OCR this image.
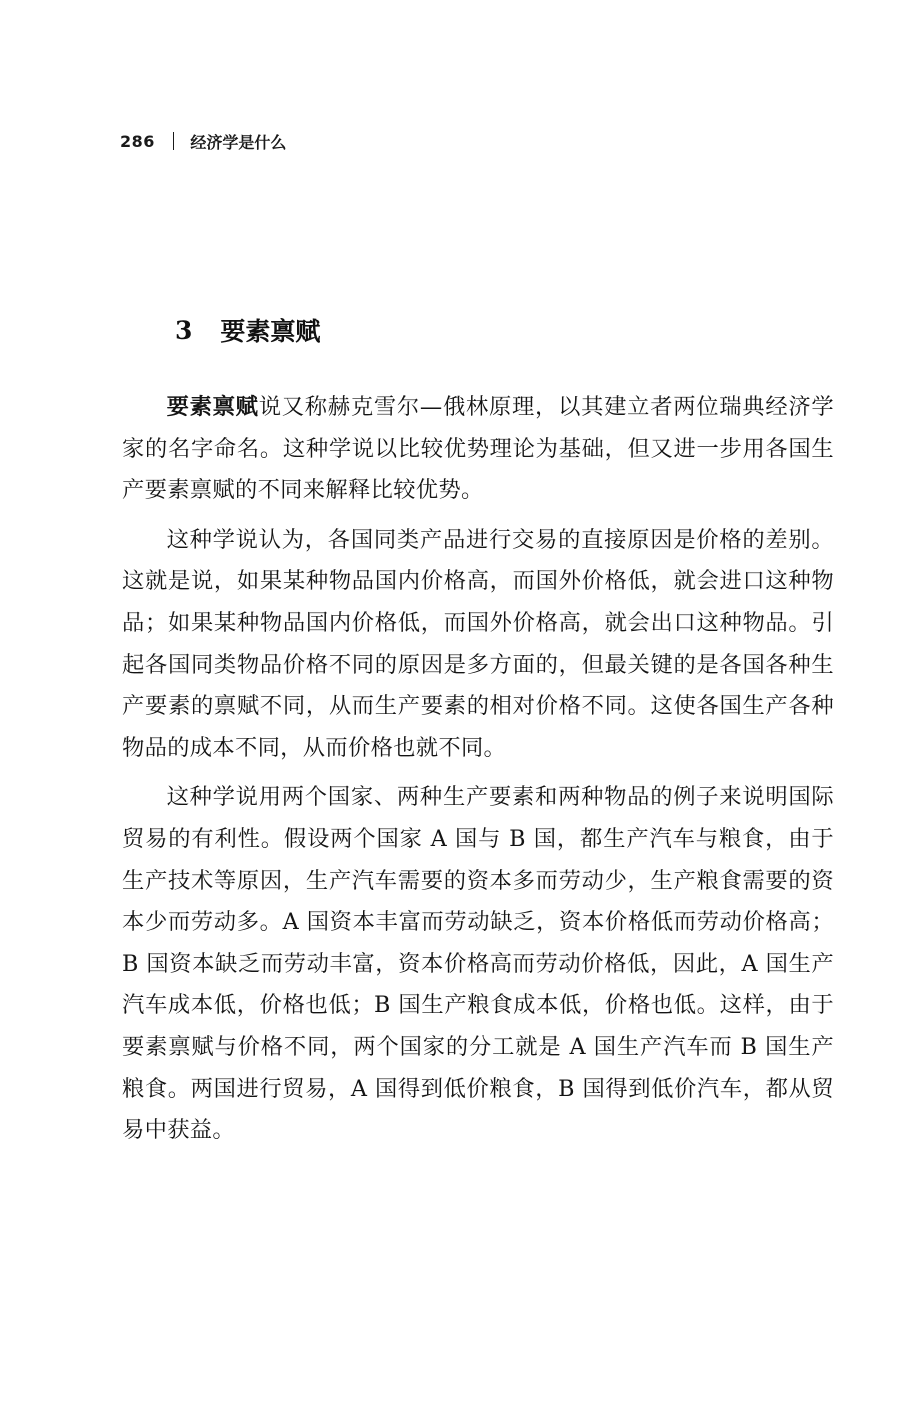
286 经济学是什么
3 要素禀赋

要素禀赋说又称赫克雪尔—俄林原理，以其建立者两位瑞典经济学家的名字命名。这种学说以比较优势理论为基础，但又进一步用各国生产要素禀赋的不同来解释比较优势。

这种学说认为，各国同类产品进行交易的直接原因是价格的差别。这就是说，如果某种物品国内价格高，而国外价格低，就会进口这种物品；如果某种物品国内价格低，而国外价格高，就会出口这种物品。引起各国同类物品价格不同的原因是多方面的，但最关键的是各国各种生产要素的禀赋不同，从而生产要素的相对价格不同。这使各国生产各种物品的成本不同，从而价格也就不同。

这种学说用两个国家、两种生产要素和两种物品的例子来说明国际贸易的有利性。假设两个国家 A 国与 B 国，都生产汽车与粮食，由于生产技术等原因，生产汽车需要的资本多而劳动少，生产粮食需要的资本少而劳动多。A 国资本丰富而劳动缺乏，资本价格低而劳动价格高；B 国资本缺乏而劳动丰富，资本价格高而劳动价格低，因此，A 国生产汽车成本低，价格也低；B 国生产粮食成本低，价格也低。这样，由于要素禀赋与价格不同，两个国家的分工就是 A 国生产汽车而 B 国生产粮食。两国进行贸易，A 国得到低价粮食，B 国得到低价汽车，都从贸易中获益。
